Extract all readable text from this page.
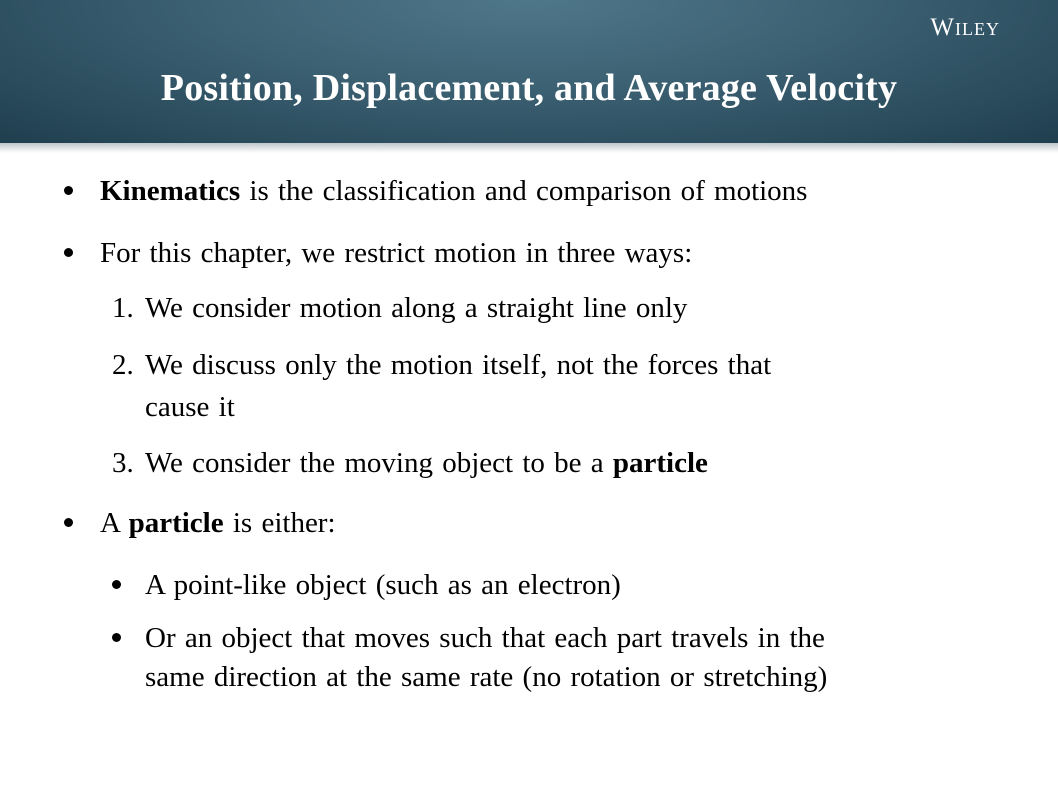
Wiley
Position, Displacement, and Average Velocity
Kinematics is the classification and comparison of motions
For this chapter, we restrict motion in three ways:
1. We consider motion along a straight line only
2. We discuss only the motion itself, not the forces that
cause it
3. We consider the moving object to be a particle
A particle is either:
A point-like object (such as an electron)
Or an object that moves such that each part travels in the
same direction at the same rate (no rotation or stretching)
